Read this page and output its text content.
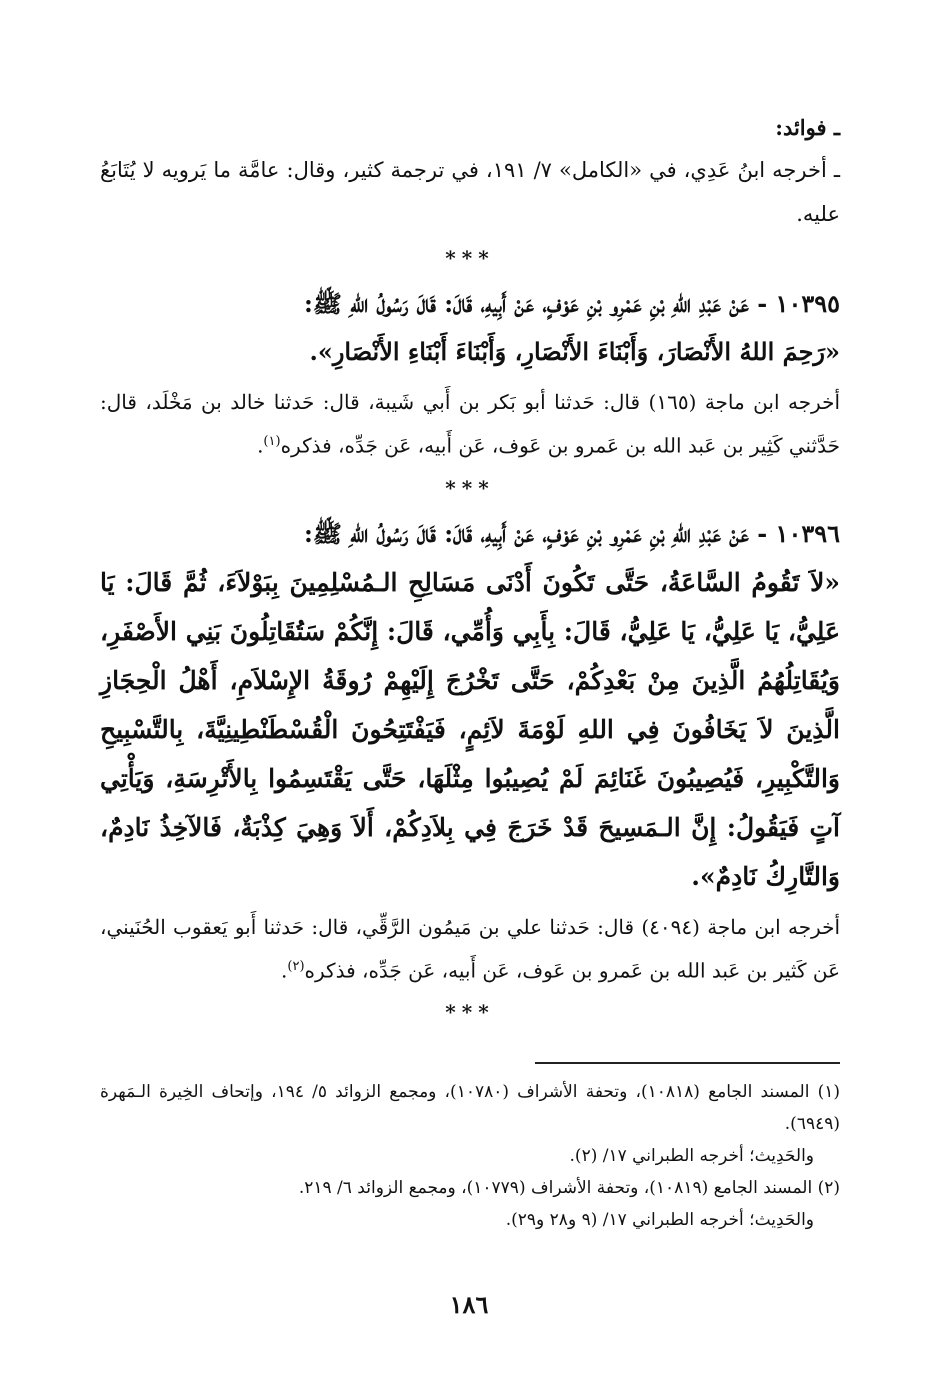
ـ فوائد:

ـ أخرجه ابنُ عَدِي، في «الكامل» ٧/ ١٩١، في ترجمة كثير، وقال: عامَّة ما يَرويه لا يُتَابَعُ عليه.

***

١٠٣٩٥ - عَنْ عَبْدِ اللهِ بْنِ عَمْرِو بْنِ عَوْفٍ، عَنْ أَبِيهِ، قَالَ: قَالَ رَسُولُ اللهِ ﷺ:

«رَحِمَ اللهُ الأَنْصَارَ، وَأَبْنَاءَ الأَنْصَارِ، وَأَبْنَاءَ أَبْنَاءِ الأَنْصَارِ».

أخرجه ابن ماجة (١٦٥) قال: حَدثنا أبو بَكر بن أَبي شَيبة، قال: حَدثنا خالد بن مَخْلَد، قال: حَدَّثني كَثِير بن عَبد الله بن عَمرو بن عَوف، عَن أَبيه، عَن جَدِّه، فذكره$^{(١)}$.

***

١٠٣٩٦ - عَنْ عَبْدِ اللهِ بْنِ عَمْرِو بْنِ عَوْفٍ، عَنْ أَبِيهِ، قَالَ: قَالَ رَسُولُ اللهِ ﷺ:

«لاَ تَقُومُ السَّاعَةُ، حَتَّى تَكُونَ أَدْنَى مَسَالِحِ الـمُسْلِمِينَ بِبَوْلاَءَ، ثُمَّ قَالَ: يَا عَلِيُّ، يَا عَلِيُّ، يَا عَلِيُّ، قَالَ: بِأَبِي وَأُمِّي، قَالَ: إِنَّكُمْ سَتُقَاتِلُونَ بَنِي الأَصْفَرِ، وَيُقَاتِلُهُمُ الَّذِينَ مِنْ بَعْدِكُمْ، حَتَّى تَخْرُجَ إِلَيْهِمْ رُوقَةُ الإِسْلاَمِ، أَهْلُ الْحِجَازِ الَّذِينَ لاَ يَخَافُونَ فِي اللهِ لَوْمَةَ لاَئِمٍ، فَيَفْتَتِحُونَ الْقُسْطَنْطِينِيَّةَ، بِالتَّسْبِيحِ وَالتَّكْبِيرِ، فَيُصِيبُونَ غَنَائِمَ لَمْ يُصِيبُوا مِثْلَهَا، حَتَّى يَقْتَسِمُوا بِالأَتْرِسَةِ، وَيَأْتِي آتٍ فَيَقُولُ: إِنَّ الـمَسِيحَ قَدْ خَرَجَ فِي بِلاَدِكُمْ، أَلاَ وَهِيَ كِذْبَةٌ، فَالآخِذُ نَادِمٌ، وَالتَّارِكُ نَادِمٌ».

أخرجه ابن ماجة (٤٠٩٤) قال: حَدثنا علي بن مَيمُون الرَّقِّي، قال: حَدثنا أَبو يَعقوب الحُنَيني، عَن كَثير بن عَبد الله بن عَمرو بن عَوف، عَن أَبيه، عَن جَدِّه، فذكره$^{(٢)}$.

***

(١) المسند الجامع (١٠٨١٨)، وتحفة الأشراف (١٠٧٨٠)، ومجمع الزوائد ٥/ ١٩٤، وإتحاف الخِيرة الـمَهرة (٦٩٤٩).

والحَدِيث؛ أخرجه الطبراني ١٧/ (٢).

(٢) المسند الجامع (١٠٨١٩)، وتحفة الأشراف (١٠٧٧٩)، ومجمع الزوائد ٦/ ٢١٩.

والحَدِيث؛ أخرجه الطبراني ١٧/ (٩ و٢٨ و٢٩).

١٨٦
